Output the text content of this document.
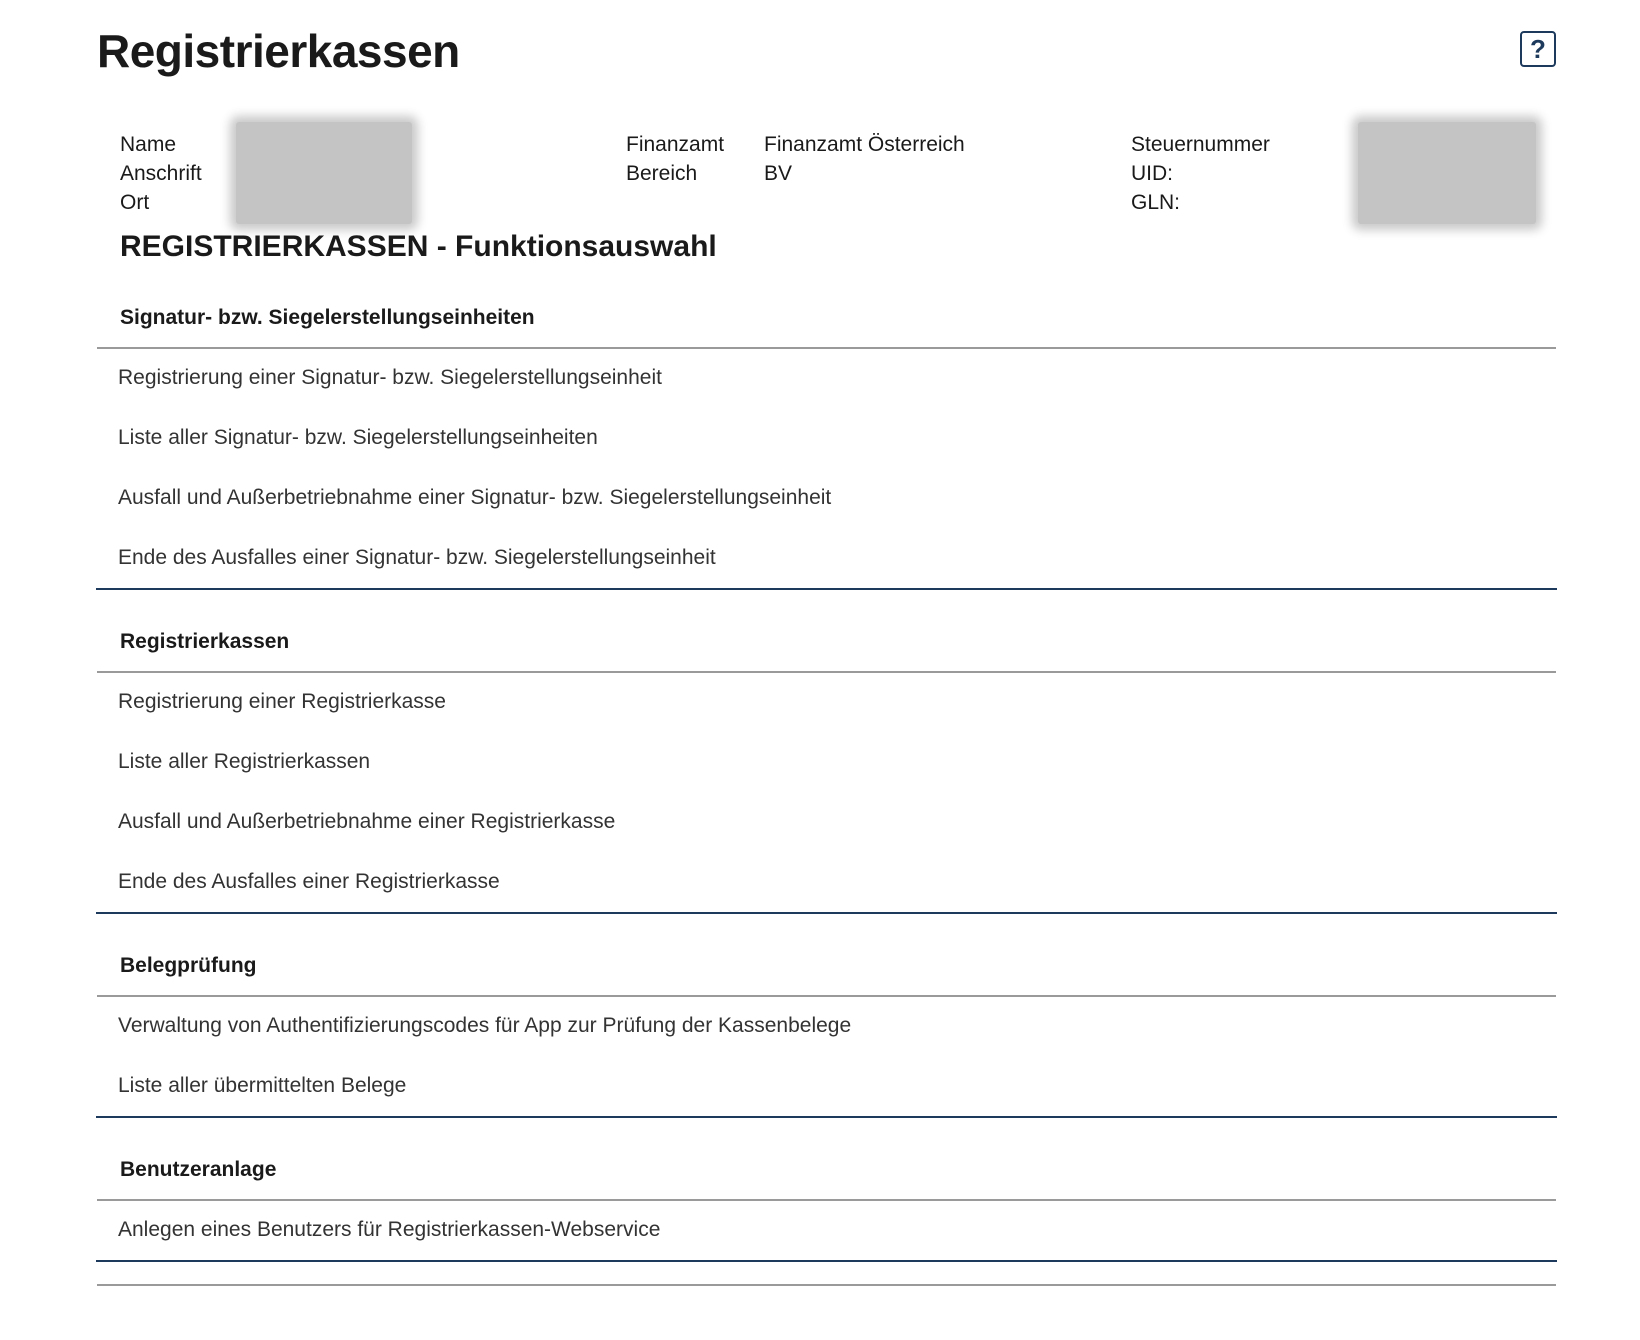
Registrierkassen	?
Name
Anschrift
Ort
Finanzamt
Bereich
Finanzamt Österreich
BV
Steuernummer
UID:
GLN:
REGISTRIERKASSEN - Funktionsauswahl
Signatur- bzw. Siegelerstellungseinheiten
Registrierung einer Signatur- bzw. Siegelerstellungseinheit
Liste aller Signatur- bzw. Siegelerstellungseinheiten
Ausfall und Außerbetriebnahme einer Signatur- bzw. Siegelerstellungseinheit
Ende des Ausfalles einer Signatur- bzw. Siegelerstellungseinheit
Registrierkassen
Registrierung einer Registrierkasse
Liste aller Registrierkassen
Ausfall und Außerbetriebnahme einer Registrierkasse
Ende des Ausfalles einer Registrierkasse
Belegprüfung
Verwaltung von Authentifizierungscodes für App zur Prüfung der Kassenbelege
Liste aller übermittelten Belege
Benutzeranlage
Anlegen eines Benutzers für Registrierkassen-Webservice
